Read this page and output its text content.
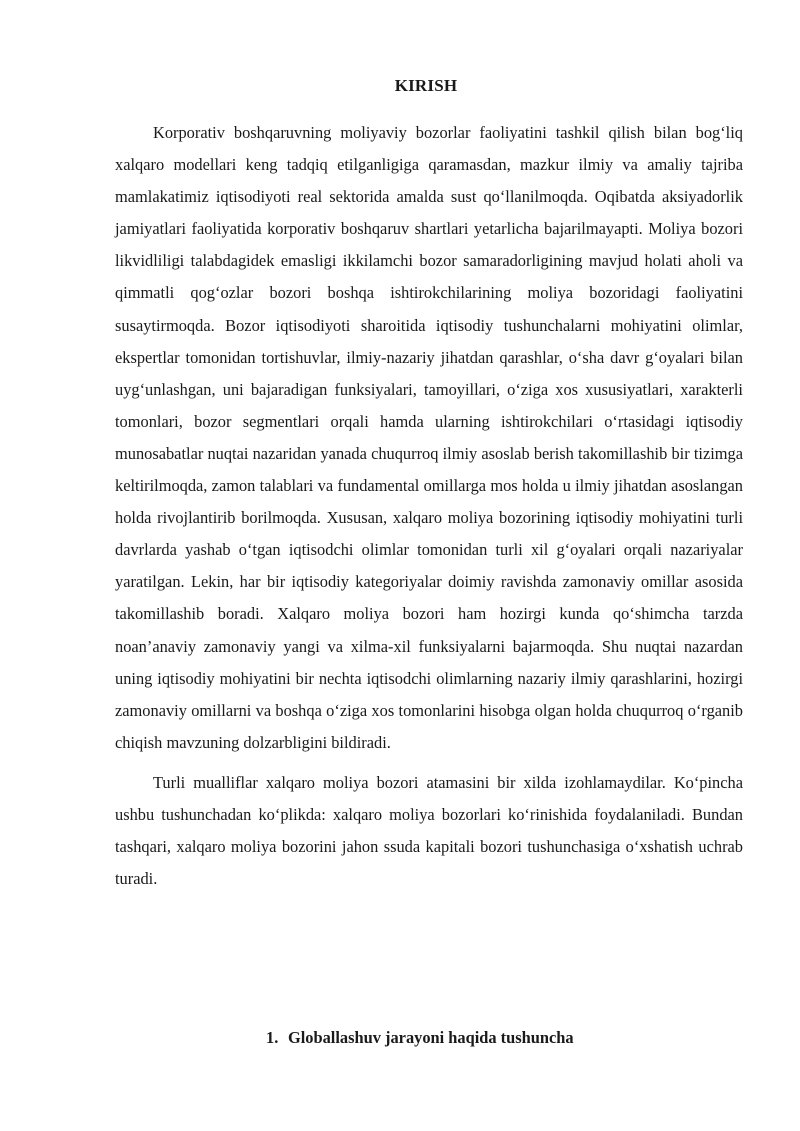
KIRISH

Korporativ boshqaruvning moliyaviy bozorlar faoliyatini tashkil qilish bilan bog‘liq xalqaro modellari keng tadqiq etilganligiga qaramasdan, mazkur ilmiy va amaliy tajriba mamlakatimiz iqtisodiyoti real sektorida amalda sust qo‘llanilmoqda. Oqibatda aksiyadorlik jamiyatlari faoliyatida korporativ boshqaruv shartlari yetarlicha bajarilmayapti. Moliya bozori likvidliligi talabdagidek emasligi ikkilamchi bozor samaradorligining mavjud holati aholi va qimmatli qog‘ozlar bozori boshqa ishtirokchilarining moliya bozoridagi faoliyatini susaytirmoqda. Bozor iqtisodiyoti sharoitida iqtisodiy tushunchalarni mohiyatini olimlar, ekspertlar tomonidan tortishuvlar, ilmiy-nazariy jihatdan qarashlar, o‘sha davr g‘oyalari bilan uyg‘unlashgan, uni bajaradigan funksiyalari, tamoyillari, o‘ziga xos xususiyatlari, xarakterli tomonlari, bozor segmentlari orqali hamda ularning ishtirokchilari o‘rtasidagi iqtisodiy munosabatlar nuqtai nazaridan yanada chuqurroq ilmiy asoslab berish takomillashib bir tizimga keltirilmoqda, zamon talablari va fundamental omillarga mos holda u ilmiy jihatdan asoslangan holda rivojlantirib borilmoqda. Xususan, xalqaro moliya bozorining iqtisodiy mohiyatini turli davrlarda yashab o‘tgan iqtisodchi olimlar tomonidan turli xil g‘oyalari orqali nazariyalar yaratilgan. Lekin, har bir iqtisodiy kategoriyalar doimiy ravishda zamonaviy omillar asosida takomillashib boradi. Xalqaro moliya bozori ham hozirgi kunda qo‘shimcha tarzda noan’anaviy zamonaviy yangi va xilma-xil funksiyalarni bajarmoqda. Shu nuqtai nazardan uning iqtisodiy mohiyatini bir nechta iqtisodchi olimlarning nazariy ilmiy qarashlarini, hozirgi zamonaviy omillarni va boshqa o‘ziga xos tomonlarini hisobga olgan holda chuqurroq o‘rganib chiqish mavzuning dolzarbligini bildiradi.

Turli mualliflar xalqaro moliya bozori atamasini bir xilda izohlamaydilar. Ko‘pincha ushbu tushunchadan ko‘plikda: xalqaro moliya bozorlari ko‘rinishida foydalaniladi. Bundan tashqari, xalqaro moliya bozorini jahon ssuda kapitali bozori tushunchasiga o‘xshatish uchrab turadi.

1. Globallashuv jarayoni haqida tushuncha
